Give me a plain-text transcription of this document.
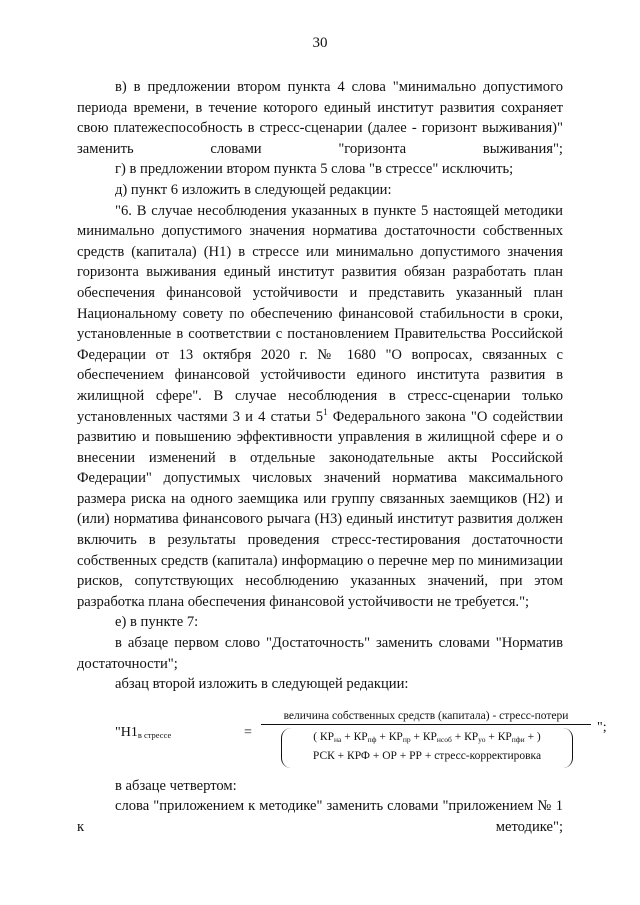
30

в) в предложении втором пункта 4 слова "минимально допустимого периода времени, в течение которого единый институт развития сохраняет свою платежеспособность в стресс-сценарии (далее - горизонт выживания)" заменить словами "горизонта выживания";

г) в предложении втором пункта 5 слова "в стрессе" исключить;

д) пункт 6 изложить в следующей редакции:

"6. В случае несоблюдения указанных в пункте 5 настоящей методики минимально допустимого значения норматива достаточности собственных средств (капитала) (Н1) в стрессе или минимально допустимого значения горизонта выживания единый институт развития обязан разработать план обеспечения финансовой устойчивости и представить указанный план Национальному совету по обеспечению финансовой стабильности в сроки, установленные в соответствии с постановлением Правительства Российской Федерации от 13 октября 2020 г. № 1680 "О вопросах, связанных с обеспечением финансовой устойчивости единого института развития в жилищной сфере". В случае несоблюдения в стресс-сценарии только установленных частями 3 и 4 статьи $5^1$ Федерального закона "О содействии развитию и повышению эффективности управления в жилищной сфере и о внесении изменений в отдельные законодательные акты Российской Федерации" допустимых числовых значений норматива максимального размера риска на одного заемщика или группу связанных заемщиков (Н2) и (или) норматива финансового рычага (Н3) единый институт развития должен включить в результаты проведения стресс-тестирования достаточности собственных средств (капитала) информацию о перечне мер по минимизации рисков, сопутствующих несоблюдению указанных значений, при этом разработка плана обеспечения финансовой устойчивости не требуется.";

е) в пункте 7:

в абзаце первом слово "Достаточность" заменить словами "Норматив достаточности";

абзац второй изложить в следующей редакции:

"Н1в стрессе	=
величина собственных средств (капитала) - стресс-потери
( КРна + КРпф + КРпр + КРнсоб + КРуо + КРпфи + )
РСК + КРФ + ОР + РР + стресс-корректировка
";

в абзаце четвертом:

слова "приложением к методике" заменить словами "приложением № 1 к методике";
